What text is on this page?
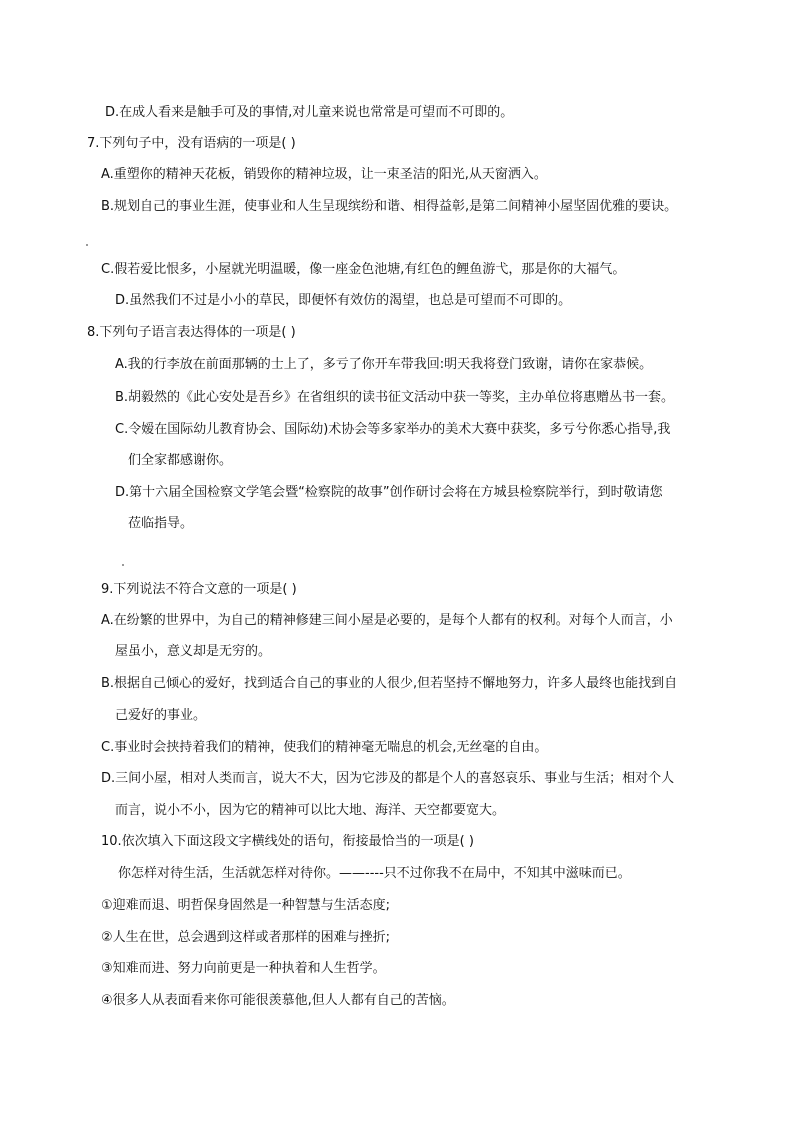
D.在成人看来是触手可及的事情,对儿童来说也常常是可望而不可即的。
7.下列句子中，没有语病的一项是( )
A.重塑你的精神天花板，销毁你的精神垃圾，让一束圣洁的阳光,从天窗洒入。
B.规划自己的事业生涯，使事业和人生呈现缤纷和谐、相得益彰,是第二间精神小屋坚固优雅的要诀。
C.假若爱比恨多，小屋就光明温暖，像一座金色池塘,有红色的鲤鱼游弋，那是你的大福气。
D.虽然我们不过是小小的草民，即便怀有效仿的渴望，也总是可望而不可即的。
8.下列句子语言表达得体的一项是( )
A.我的行李放在前面那辆的士上了，多亏了你开车带我回:明天我将登门致谢，请你在家恭候。
B.胡毅然的《此心安处是吾乡》在省组织的读书征文活动中获一等奖，主办单位将惠赠丛书一套。
C.令嫒在国际幼儿教育协会、国际幼)术协会等多家举办的美术大赛中获奖，多亏兮你悉心指导,我
们全家都感谢你。
D.第十六届全国检察文学笔会暨“检察院的故事”创作研讨会将在方城县检察院举行，到时敬请您
莅临指导。
9.下列说法不符合文意的一项是( )
A.在纷繁的世界中，为自己的精神修建三间小屋是必要的，是每个人都有的权利。对每个人而言，小
屋虽小，意义却是无穷的。
B.根据自己倾心的爱好，找到适合自己的事业的人很少,但若坚持不懈地努力，许多人最终也能找到自
己爱好的事业。
C.事业时会挟持着我们的精神，使我们的精神毫无喘息的机会,无丝毫的自由。
D.三间小屋，相对人类而言，说大不大，因为它涉及的都是个人的喜怒哀乐、事业与生活；相对个人
而言，说小不小，因为它的精神可以比大地、海洋、天空都要宽大。
10.依次填入下面这段文字横线处的语句，衔接最恰当的一项是( )
你怎样对待生活，生活就怎样对待你。——----只不过你我不在局中，不知其中滋味而已。
①迎难而退、明哲保身固然是一种智慧与生活态度;
②人生在世，总会遇到这样或者那样的困难与挫折;
③知难而进、努力向前更是一种执着和人生哲学。
④很多人从表面看来你可能很羡慕他,但人人都有自己的苦恼。
